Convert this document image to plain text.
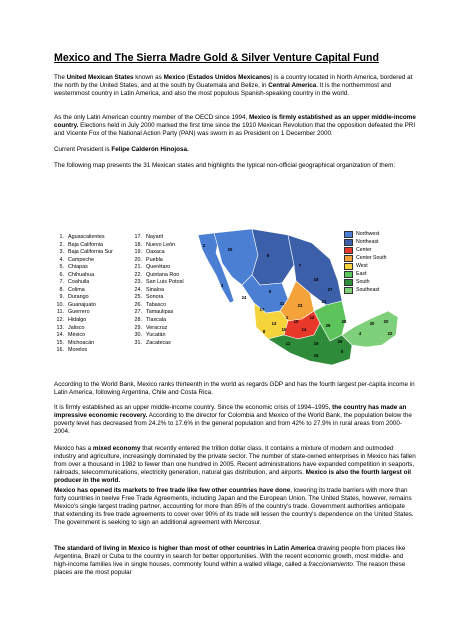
Mexico and The Sierra Madre Gold & Silver Venture Capital Fund

The United Mexican States known as Mexico (Estados Unidos Mexicanos) is a country located in North America, bordered at the north by the United States, and at the south by Guatemala and Belize, in Central America. It is the northernmost and westernmost country in Latin America, and also the most populous Spanish-speaking country in the world.

As the only Latin American country member of the OECD since 1994, Mexico is firmly established as an upper middle-income country. Elections held in July 2000 marked the first time since the 1910 Mexican Revolution that the opposition defeated the PRI and Vicente Fox of the National Action Party (PAN) was sworn in as President on 1 December 2000.

Current President is Felipe Calderón Hinojosa.

The following map presents the 31 Mexican states and highlights the typical non-official geographical organization of them:

1. Aguascalientes
2. Baja California
3. Baja California Sur
4. Campeche
5. Chiapas
6. Chihuahua
7. Coahuila
8. Colima
9. Durango
10. Guanajuato
11. Guerrero
12. Hidalgo
13. Jalisco
14. México
15. Michoacán
16. Morelos
17. Nayarit
18. Nuevo León
19. Oaxaca
20. Puebla
21. Querétaro
22. Quintana Roo
23. San Luis Potosí
24. Sinaloa
25. Sonora
26. Tabasco
27. Tamaulipas
28. Tlaxcala
29. Veracruz
30. Yucatán
31. Zacatecas
1
2
3
4
5
6
7
8
9
10
11
12
13
14
15
16
17
18
19
20
21
22
23
24
25
26
27
28
29	30
31
Northwest
Northeast
Center
Center South
West
East
South
Southeast

According to the World Bank, Mexico ranks thirteenth in the world as regards GDP and has the fourth largest per-capita income in Latin America, following Argentina, Chile and Costa Rica.

It is firmly established as an upper middle-income country. Since the economic crisis of 1994–1995, the country has made an impressive economic recovery. According to the director for Colombia and Mexico of the World Bank, the population below the poverty level has decreased from 24.2% to 17.6% in the general population and from 42% to 27.9% in rural areas from 2000-2004.

Mexico has a mixed economy that recently entered the trillion dollar class. It contains a mixture of modern and outmoded industry and agriculture, increasingly dominated by the private sector. The number of state-owned enterprises in Mexico has fallen from over a thousand in 1982 to fewer than one hundred in 2005. Recent administrations have expanded competition in seaports, railroads, telecommunications, electricity generation, natural gas distribution, and airports. Mexico is also the fourth largest oil producer in the world.

Mexico has opened its markets to free trade like few other countries have done, lowering its trade barriers with more than forty countries in twelve Free Trade Agreements, including Japan and the European Union. The United States, however, remains Mexico's single largest trading partner, accounting for more than 85% of the country's trade. Government authorities anticipate that extending its free trade agreements to cover over 90% of its trade will lessen the country's dependence on the United States. The government is seeking to sign an additional agreement with Mercosur.

The standard of living in Mexico is higher than most of other countries in Latin America drawing people from places like Argentina, Brazil or Cuba to the country in search for better opportunities. With the recent economic growth, most middle- and high-income families live in single houses, commonly found within a walled village, called a fraccionamiento. The reason these places are the most popular
